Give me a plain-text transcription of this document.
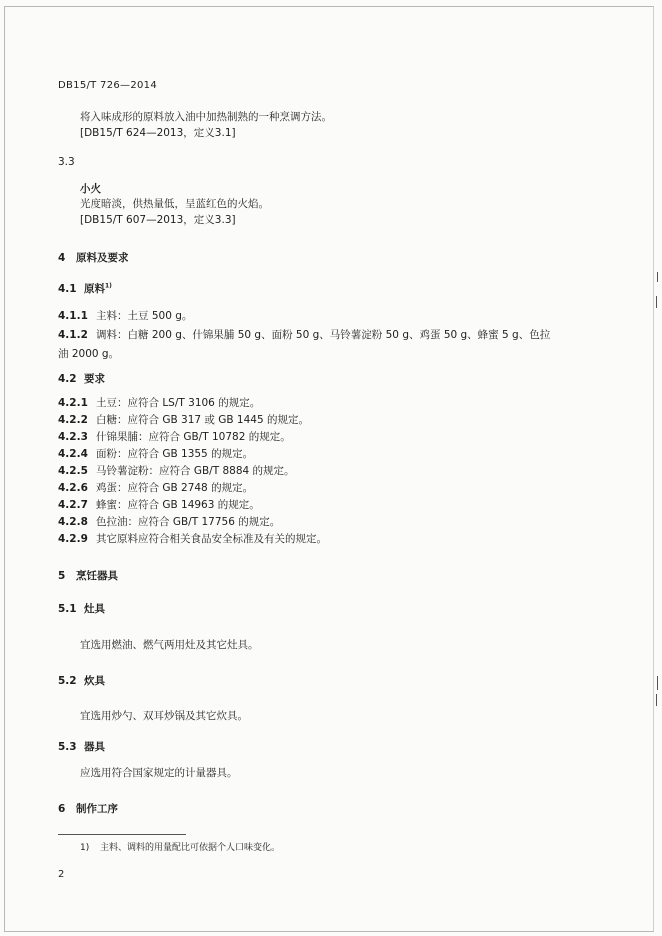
DB15/T 726—2014
将入味成形的原料放入油中加热制熟的一种烹调方法。
[DB15/T 624—2013，定义3.1]
3.3
小火
光度暗淡，供热量低，呈蓝红色的火焰。
[DB15/T 607—2013，定义3.3]
4 原料及要求
4.1 原料$^{1)}$
4.1.1 主料：土豆 500 g。
4.1.2 调料：白糖 200 g、什锦果脯 50 g、面粉 50 g、马铃薯淀粉 50 g、鸡蛋 50 g、蜂蜜 5 g、色拉
油 2000 g。
4.2 要求
4.2.1 土豆：应符合 LS/T 3106 的规定。
4.2.2 白糖：应符合 GB 317 或 GB 1445 的规定。
4.2.3 什锦果脯：应符合 GB/T 10782 的规定。
4.2.4 面粉：应符合 GB 1355 的规定。
4.2.5 马铃薯淀粉：应符合 GB/T 8884 的规定。
4.2.6 鸡蛋：应符合 GB 2748 的规定。
4.2.7 蜂蜜：应符合 GB 14963 的规定。
4.2.8 色拉油：应符合 GB/T 17756 的规定。
4.2.9 其它原料应符合相关食品安全标准及有关的规定。
5 烹饪器具
5.1 灶具
宜选用燃油、燃气两用灶及其它灶具。
5.2 炊具
宜选用炒勺、双耳炒锅及其它炊具。
5.3 器具
应选用符合国家规定的计量器具。
6 制作工序
1) 主料、调料的用量配比可依据个人口味变化。
2
